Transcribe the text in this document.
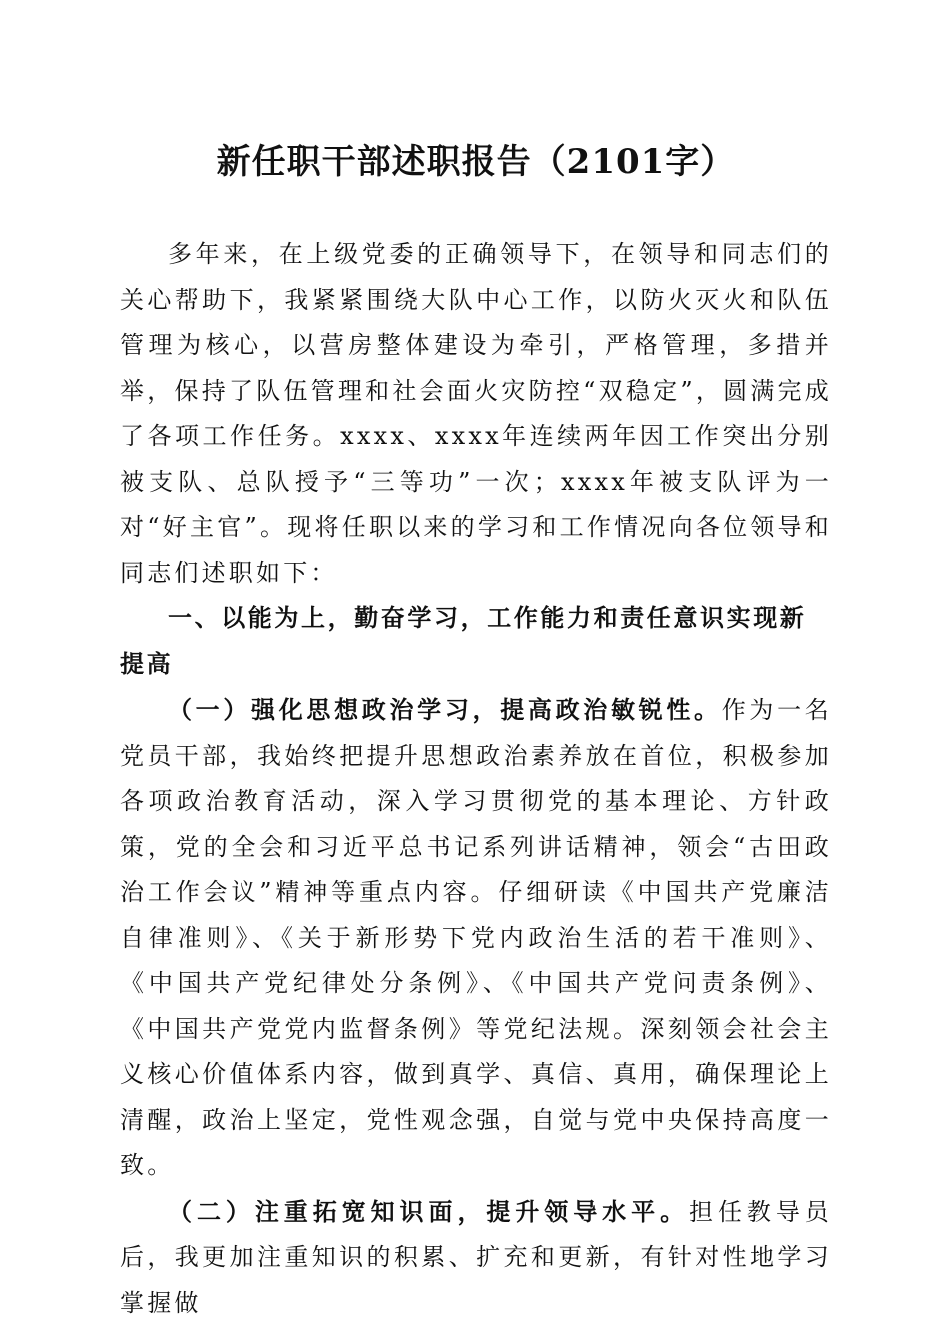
新任职干部述职报告（2101字）

多年来，在上级党委的正确领导下，在领导和同志们的关心帮助下，我紧紧围绕大队中心工作，以防火灭火和队伍管理为核心，以营房整体建设为牵引，严格管理，多措并举，保持了队伍管理和社会面火灾防控“双稳定”，圆满完成了各项工作任务。xxxx、xxxx年连续两年因工作突出分别被支队、总队授予“三等功”一次；xxxx年被支队评为一对“好主官”。现将任职以来的学习和工作情况向各位领导和同志们述职如下：

一、以能为上，勤奋学习，工作能力和责任意识实现新提高

（一）强化思想政治学习，提高政治敏锐性。作为一名党员干部，我始终把提升思想政治素养放在首位，积极参加各项政治教育活动，深入学习贯彻党的基本理论、方针政策，党的全会和习近平总书记系列讲话精神，领会“古田政治工作会议”精神等重点内容。仔细研读《中国共产党廉洁自律准则》、《关于新形势下党内政治生活的若干准则》、《中国共产党纪律处分条例》、《中国共产党问责条例》、《中国共产党党内监督条例》等党纪法规。深刻领会社会主义核心价值体系内容，做到真学、真信、真用，确保理论上清醒，政治上坚定，党性观念强，自觉与党中央保持高度一致。

（二）注重拓宽知识面，提升领导水平。担任教导员后，我更加注重知识的积累、扩充和更新，有针对性地学习掌握做
